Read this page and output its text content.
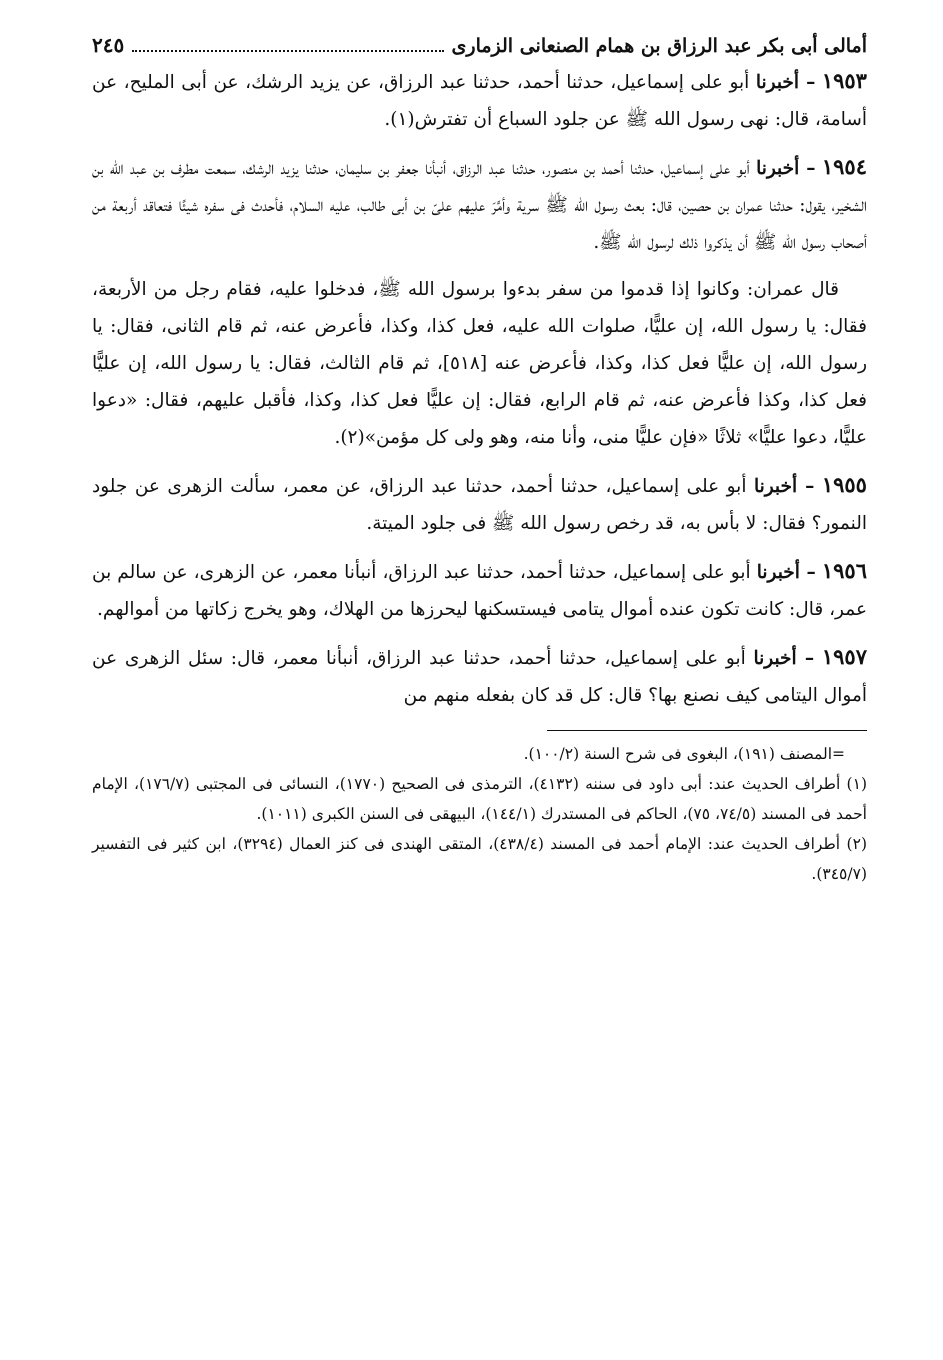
أمالى أبى بكر عبد الرزاق بن همام الصنعانى الزمارى
٢٤٥

١٩٥٣ – أخبرنا أبو على إسماعيل، حدثنا أحمد، حدثنا عبد الرزاق، عن يزيد الرشك، عن أبى المليح، عن أسامة، قال: نهى رسول الله ﷺ عن جلود السباع أن تفترش(١).

١٩٥٤ – أخبرنا أبو على إسماعيل، حدثنا أحمد بن منصور، حدثنا عبد الرزاق، أنبأنا جعفر بن سليمان، حدثنا يزيد الرشك، سمعت مطرف بن عبد الله بن الشخير، يقول: حدثنا عمران بن حصين، قال: بعث رسول الله ﷺ سرية وأمَّرَ عليهم علىّ بن أبى طالب، عليه السلام، فأحدث فى سفره شيئًا فتعاقد أربعة من أصحاب رسول الله ﷺ أن يذكروا ذلك لرسول الله ﷺ.

قال عمران: وكانوا إذا قدموا من سفر بدءوا برسول الله ﷺ، فدخلوا عليه، فقام رجل من الأربعة، فقال: يا رسول الله، إن عليًّا، صلوات الله عليه، فعل كذا، وكذا، فأعرض عنه، ثم قام الثانى، فقال: يا رسول الله، إن عليًّا فعل كذا، وكذا، فأعرض عنه [٥١٨]، ثم قام الثالث، فقال: يا رسول الله، إن عليًّا فعل كذا، وكذا فأعرض عنه، ثم قام الرابع، فقال: إن عليًّا فعل كذا، وكذا، فأقبل عليهم، فقال: «دعوا عليًّا، دعوا عليًّا» ثلاثًا «فإن عليًّا منى، وأنا منه، وهو ولى كل مؤمن»(٢).

١٩٥٥ – أخبرنا أبو على إسماعيل، حدثنا أحمد، حدثنا عبد الرزاق، عن معمر، سألت الزهرى عن جلود النمور؟ فقال: لا بأس به، قد رخص رسول الله ﷺ فى جلود الميتة.

١٩٥٦ – أخبرنا أبو على إسماعيل، حدثنا أحمد، حدثنا عبد الرزاق، أنبأنا معمر، عن الزهرى، عن سالم بن عمر، قال: كانت تكون عنده أموال يتامى فيستسكنها ليحرزها من الهلاك، وهو يخرج زكاتها من أموالهم.

١٩٥٧ – أخبرنا أبو على إسماعيل، حدثنا أحمد، حدثنا عبد الرزاق، أنبأنا معمر، قال: سئل الزهرى عن أموال اليتامى كيف نصنع بها؟ قال: كل قد كان بفعله منهم من

=المصنف (١٩١)، البغوى فى شرح السنة (١٠٠/٢).

(١) أطراف الحديث عند: أبى داود فى سننه (٤١٣٢)، الترمذى فى الصحيح (١٧٧٠)، النسائى فى المجتبى (١٧٦/٧)، الإمام أحمد فى المسند (٧٤/٥، ٧٥)، الحاكم فى المستدرك (١٤٤/١)، البيهقى فى السنن الكبرى (١٠١١).

(٢) أطراف الحديث عند: الإمام أحمد فى المسند (٤٣٨/٤)، المتقى الهندى فى كنز العمال (٣٢٩٤)، ابن كثير فى التفسير (٣٤٥/٧).
